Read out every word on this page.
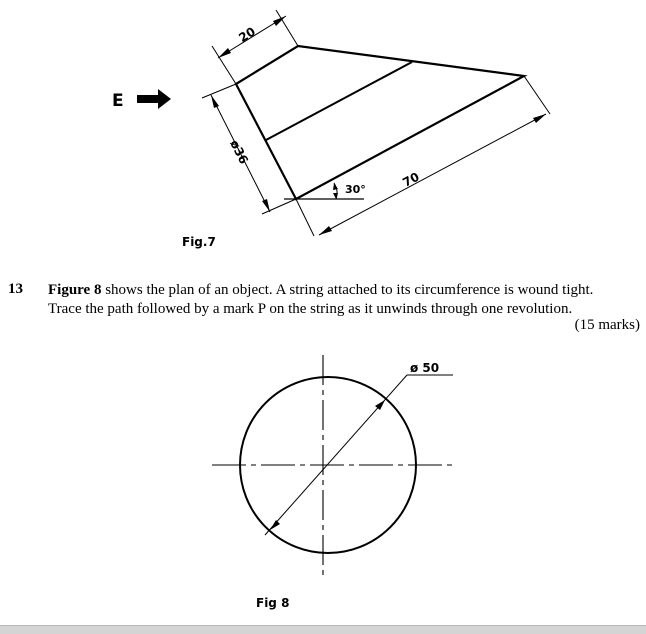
E
20
ø36
70
30°
Fig.7
13 Figure 8 shows the plan of an object. A string attached to its circumference is wound tight.
Trace the path followed by a mark P on the string as it unwinds through one revolution.
(15 marks)
ø 50
Fig 8
